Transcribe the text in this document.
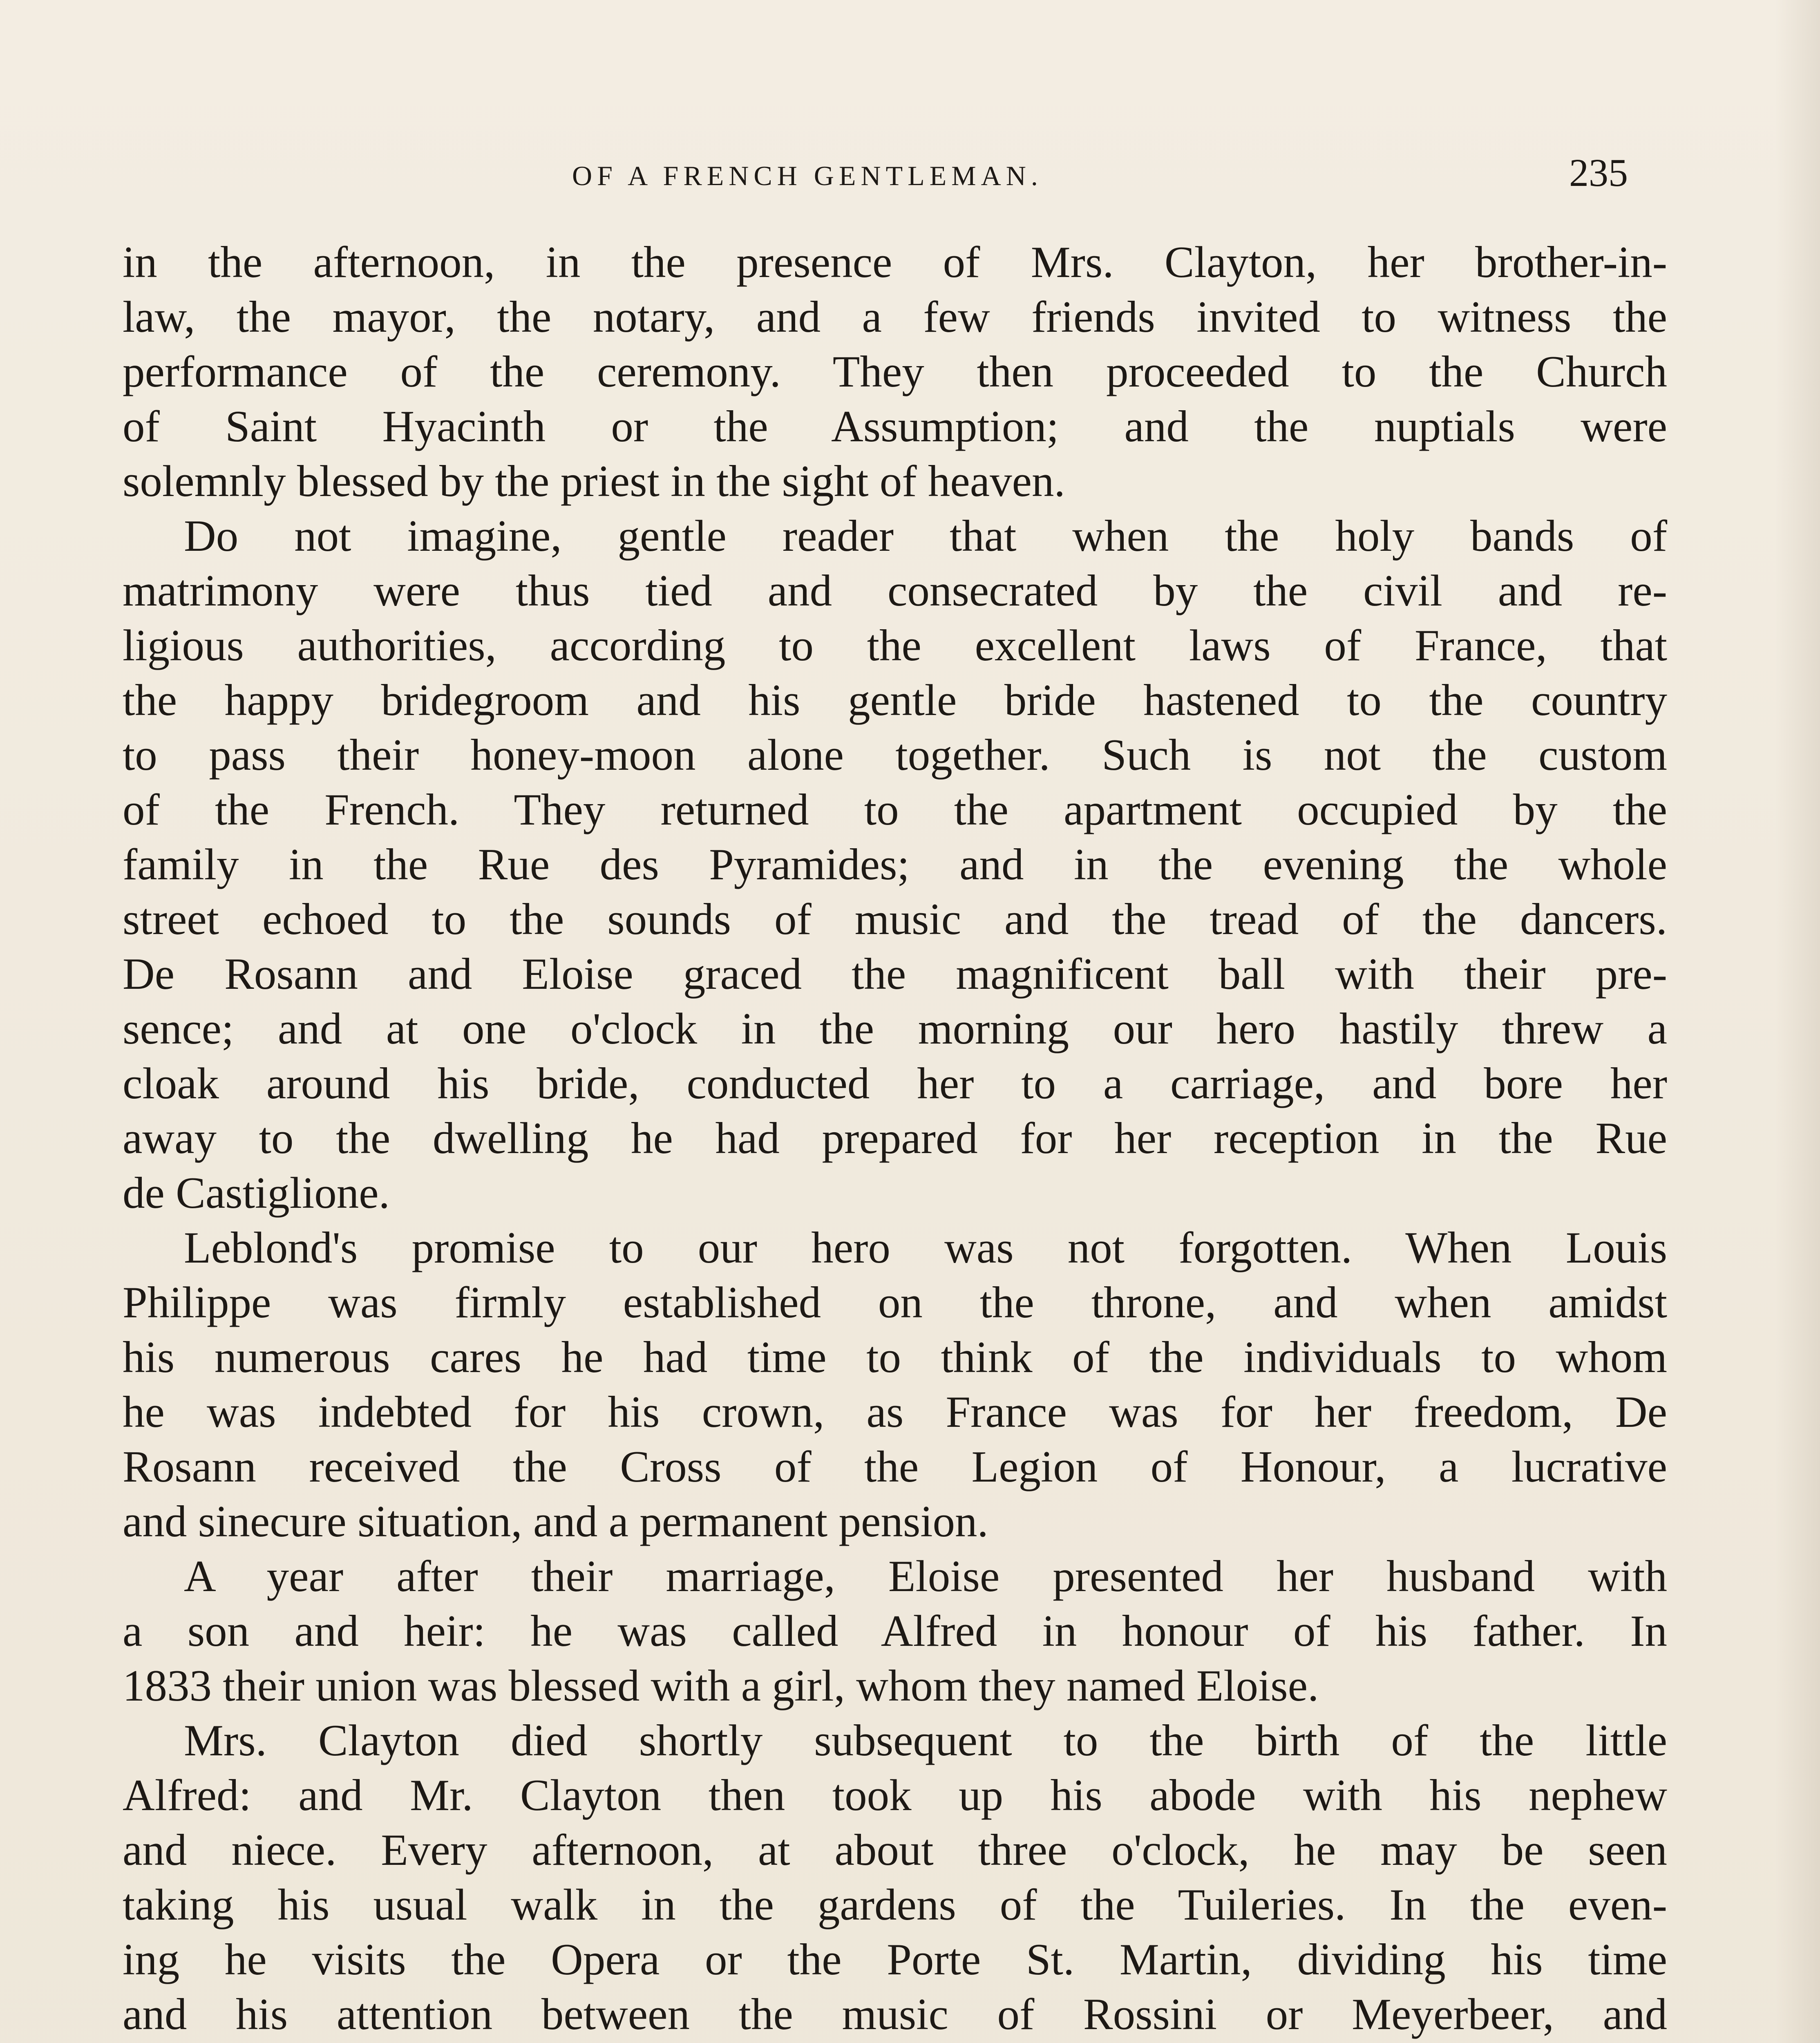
OF A FRENCH GENTLEMAN.	235
in the afternoon, in the presence of Mrs. Clayton, her brother-in-
law, the mayor, the notary, and a few friends invited to witness the
performance of the ceremony. They then proceeded to the Church
of Saint Hyacinth or the Assumption; and the nuptials were
solemnly blessed by the priest in the sight of heaven.
Do not imagine, gentle reader that when the holy bands of
matrimony were thus tied and consecrated by the civil and re-
ligious authorities, according to the excellent laws of France, that
the happy bridegroom and his gentle bride hastened to the country
to pass their honey-moon alone together. Such is not the custom
of the French. They returned to the apartment occupied by the
family in the Rue des Pyramides; and in the evening the whole
street echoed to the sounds of music and the tread of the dancers.
De Rosann and Eloise graced the magnificent ball with their pre-
sence; and at one o'clock in the morning our hero hastily threw a
cloak around his bride, conducted her to a carriage, and bore her
away to the dwelling he had prepared for her reception in the Rue
de Castiglione.
Leblond's promise to our hero was not forgotten. When Louis
Philippe was firmly established on the throne, and when amidst
his numerous cares he had time to think of the individuals to whom
he was indebted for his crown, as France was for her freedom, De
Rosann received the Cross of the Legion of Honour, a lucrative
and sinecure situation, and a permanent pension.
A year after their marriage, Eloise presented her husband with
a son and heir: he was called Alfred in honour of his father. In
1833 their union was blessed with a girl, whom they named Eloise.
Mrs. Clayton died shortly subsequent to the birth of the little
Alfred: and Mr. Clayton then took up his abode with his nephew
and niece. Every afternoon, at about three o'clock, he may be seen
taking his usual walk in the gardens of the Tuileries. In the even-
ing he visits the Opera or the Porte St. Martin, dividing his time
and his attention between the music of Rossini or Meyerbeer, and
